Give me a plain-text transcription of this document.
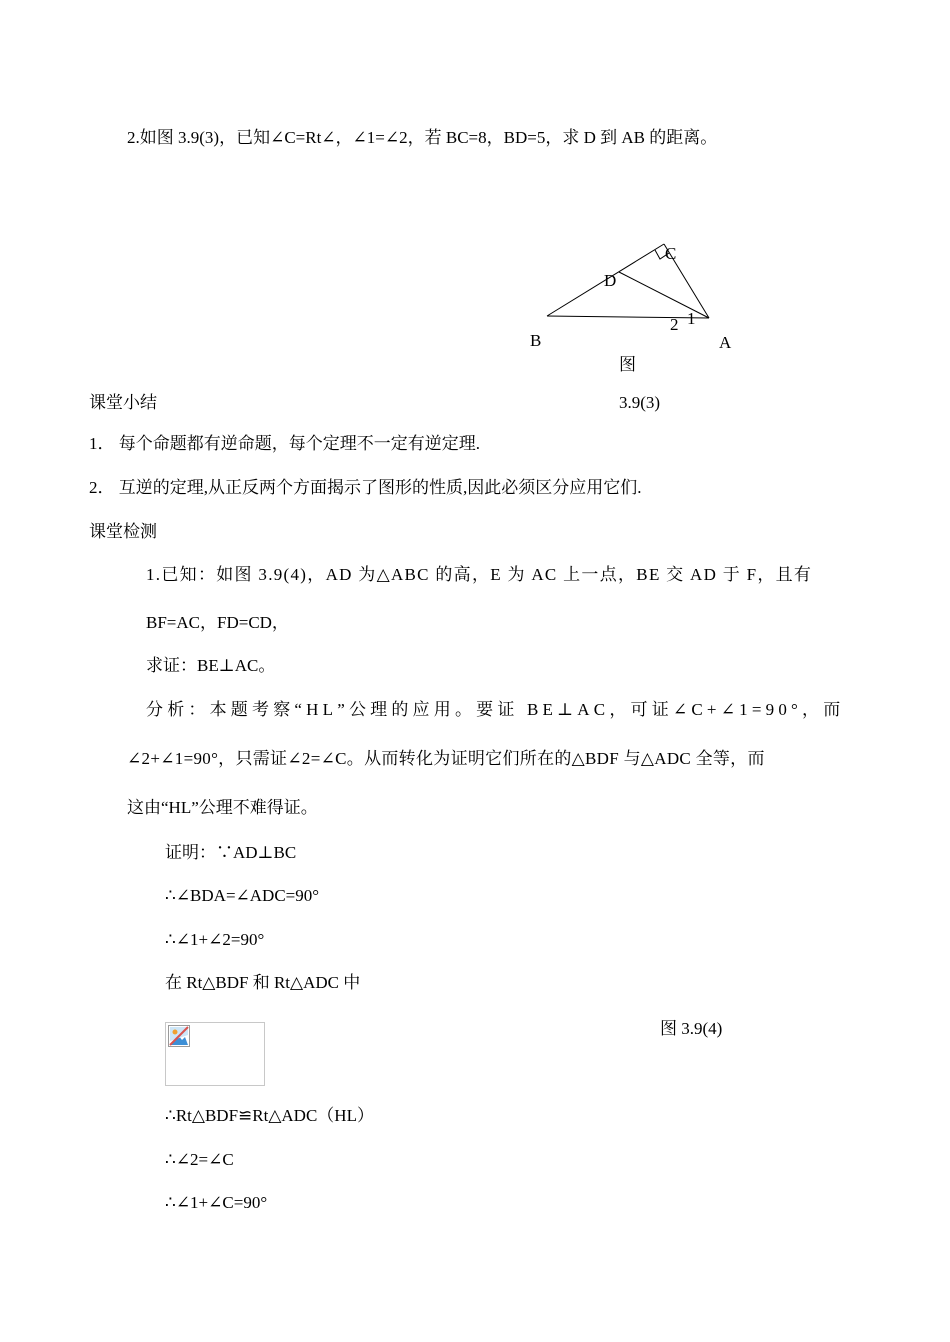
2.如图 3.9(3)，已知∠C=Rt∠，∠1=∠2，若 BC=8，BD=5，求 D 到 AB 的距离。
C
D
B	A
1
2
图
课堂小结	3.9(3)
1． 每个命题都有逆命题，每个定理不一定有逆定理.
2． 互逆的定理,从正反两个方面揭示了图形的性质,因此必须区分应用它们.
课堂检测
1.已知：如图 3.9(4)，AD 为△ABC 的高，E 为 AC 上一点，BE 交 AD 于 F，且有
BF=AC，FD=CD，
求证：BE⊥AC。
分析：本题考察“HL”公理的应用。要证 BE⊥AC，可证∠C+∠1=90°，而
∠2+∠1=90°，只需证∠2=∠C。从而转化为证明它们所在的△BDF 与△ADC 全等，而
这由“HL”公理不难得证。
证明：∵AD⊥BC
∴∠BDA=∠ADC=90°
∴∠1+∠2=90°
在 Rt△BDF 和 Rt△ADC 中
图 3.9(4)
∴Rt△BDF≌Rt△ADC（HL）
∴∠2=∠C
∴∠1+∠C=90°
